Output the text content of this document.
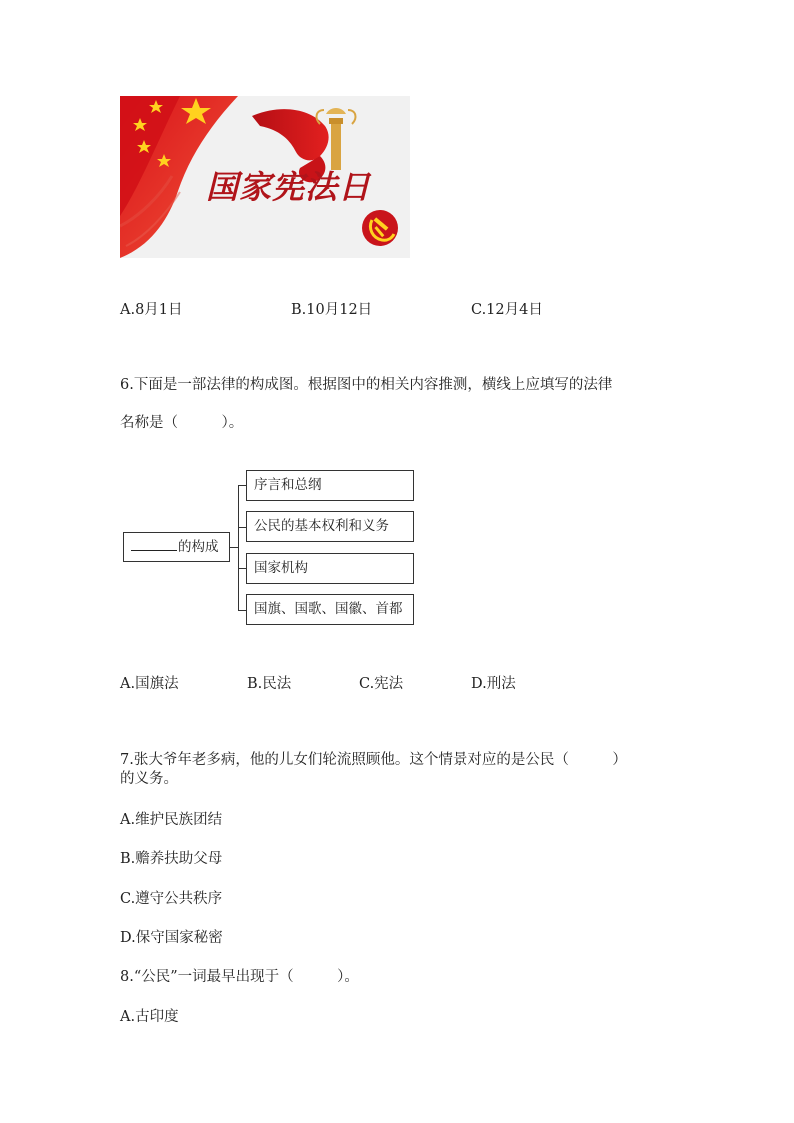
国家宪法日
A.8月1日	B.10月12日	C.12月4日
6.下面是一部法律的构成图。根据图中的相关内容推测，横线上应填写的法律
名称是（　　　）。
的构成
序言和总纲
公民的基本权利和义务
国家机构
国旗、国歌、国徽、首都
A.国旗法	B.民法	C.宪法	D.刑法
7.张大爷年老多病，他的儿女们轮流照顾他。这个情景对应的是公民（　　　）
的义务。
A.维护民族团结
B.赡养扶助父母
C.遵守公共秩序
D.保守国家秘密
8.“公民”一词最早出现于（　　　）。
A.古印度
